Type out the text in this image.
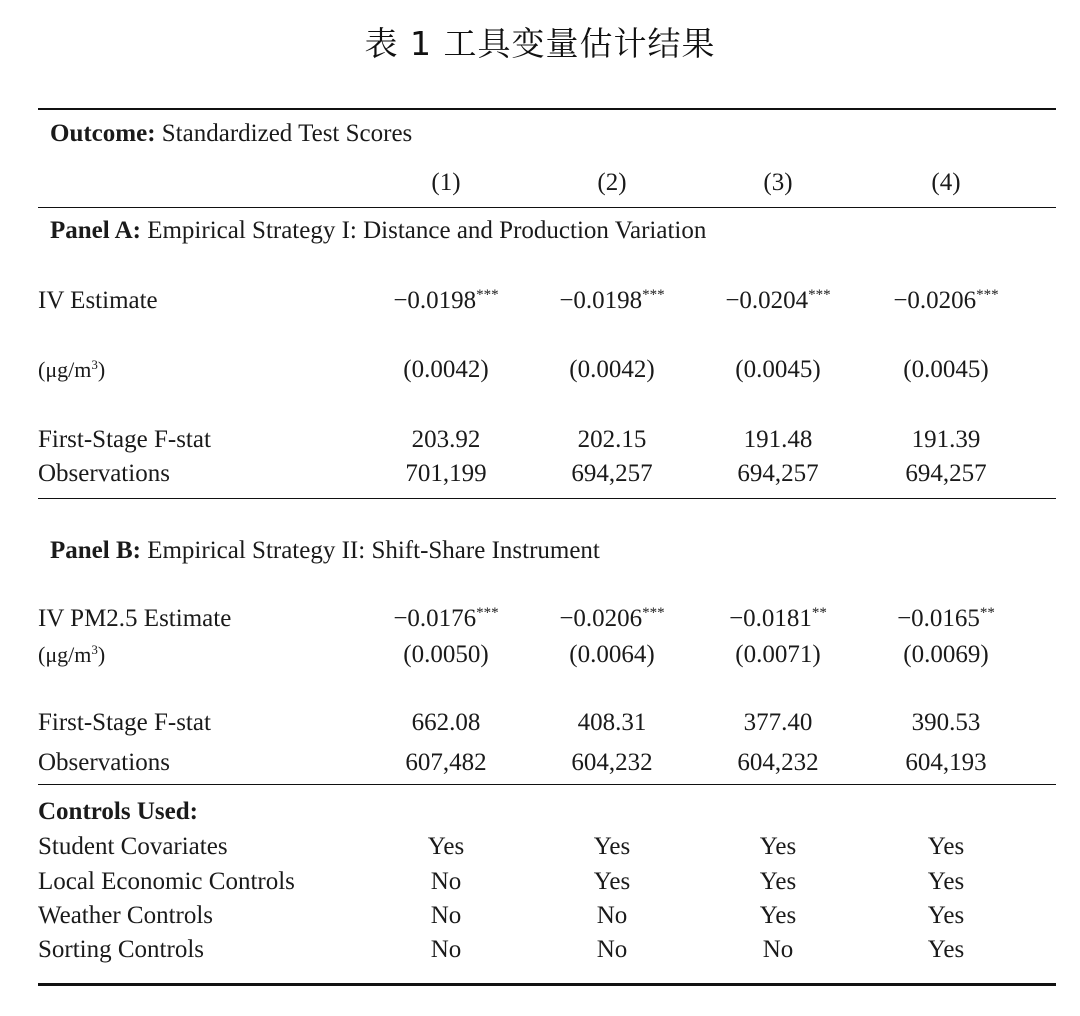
表 1 工具变量估计结果
Outcome: Standardized Test Scores
(1)	(2)	(3)	(4)
Panel A: Empirical Strategy I: Distance and Production Variation
IV Estimate	−0.0198***	−0.0198***	−0.0204***	−0.0206***
$(\mu g/m^3)$	(0.0042)	(0.0042)	(0.0045)	(0.0045)
First-Stage F-stat	203.92	202.15	191.48	191.39
Observations	701,199	694,257	694,257	694,257
Panel B: Empirical Strategy II: Shift-Share Instrument
IV PM2.5 Estimate	−0.0176***	−0.0206***	−0.0181**	−0.0165**
$(\mu g/m^3)$	(0.0050)	(0.0064)	(0.0071)	(0.0069)
First-Stage F-stat	662.08	408.31	377.40	390.53
Observations	607,482	604,232	604,232	604,193
Controls Used:
Student Covariates	Yes	Yes	Yes	Yes
Local Economic Controls	No	Yes	Yes	Yes
Weather Controls	No	No	Yes	Yes
Sorting Controls	No	No	No	Yes
